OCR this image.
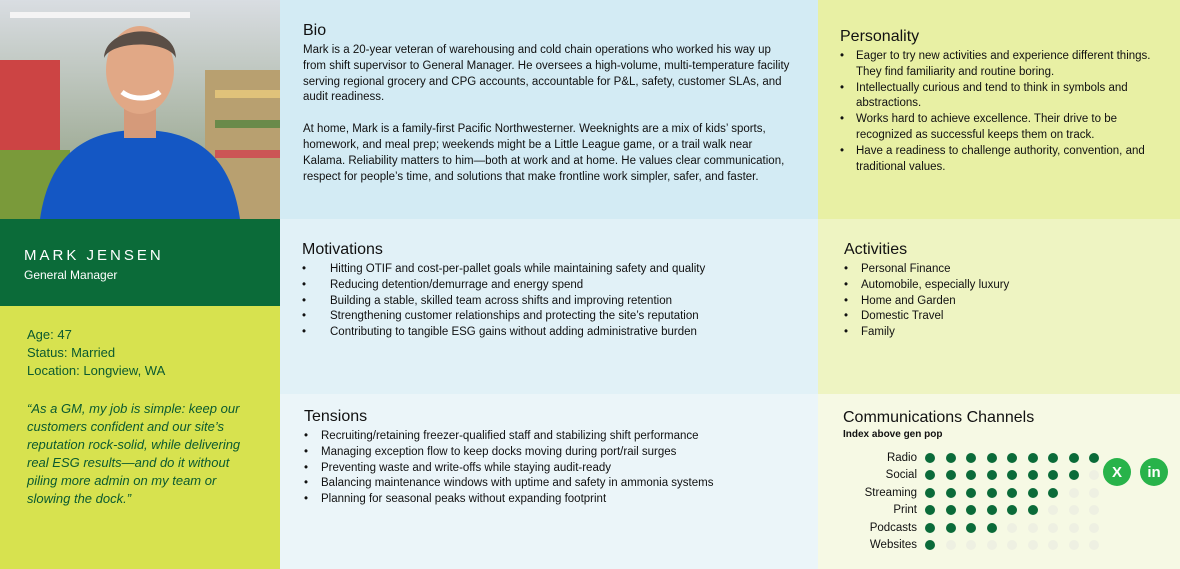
MARK JENSEN
General Manager
Age: 47
Status: Married
Location: Longview, WA
“As a GM, my job is simple: keep our customers confident and our site’s reputation rock-solid, while delivering real ESG results—and do it without piling more admin on my team or slowing the dock.”
Bio

Mark is a 20-year veteran of warehousing and cold chain operations who worked his way up from shift supervisor to General Manager. He oversees a high-volume, multi-temperature facility serving regional grocery and CPG accounts, accountable for P&L, safety, customer SLAs, and audit readiness.

At home, Mark is a family-first Pacific Northwesterner. Weeknights are a mix of kids’ sports, homework, and meal prep; weekends might be a Little League game, or a trail walk near Kalama. Reliability matters to him—both at work and at home. He values clear communication, respect for people’s time, and solutions that make frontline work simpler, safer, and faster.

Personality
• Eager to try new activities and experience different things. They find familiarity and routine boring.
• Intellectually curious and tend to think in symbols and abstractions.
• Works hard to achieve excellence. Their drive to be recognized as successful keeps them on track.
• Have a readiness to challenge authority, convention, and traditional values.
Motivations
• Hitting OTIF and cost-per-pallet goals while maintaining safety and quality
• Reducing detention/demurrage and energy spend
• Building a stable, skilled team across shifts and improving retention
• Strengthening customer relationships and protecting the site’s reputation
• Contributing to tangible ESG gains without adding administrative burden
Activities
• Personal Finance
• Automobile, especially luxury
• Home and Garden
• Domestic Travel
• Family
Tensions
• Recruiting/retaining freezer-qualified staff and stabilizing shift performance
• Managing exception flow to keep docks moving during port/rail surges
• Preventing waste and write-offs while staying audit-ready
• Balancing maintenance windows with uptime and safety in ammonia systems
• Planning for seasonal peaks without expanding footprint
Communications Channels
Index above gen pop
Radio
Social
Streaming
Print
Podcasts
Websites
X	in
